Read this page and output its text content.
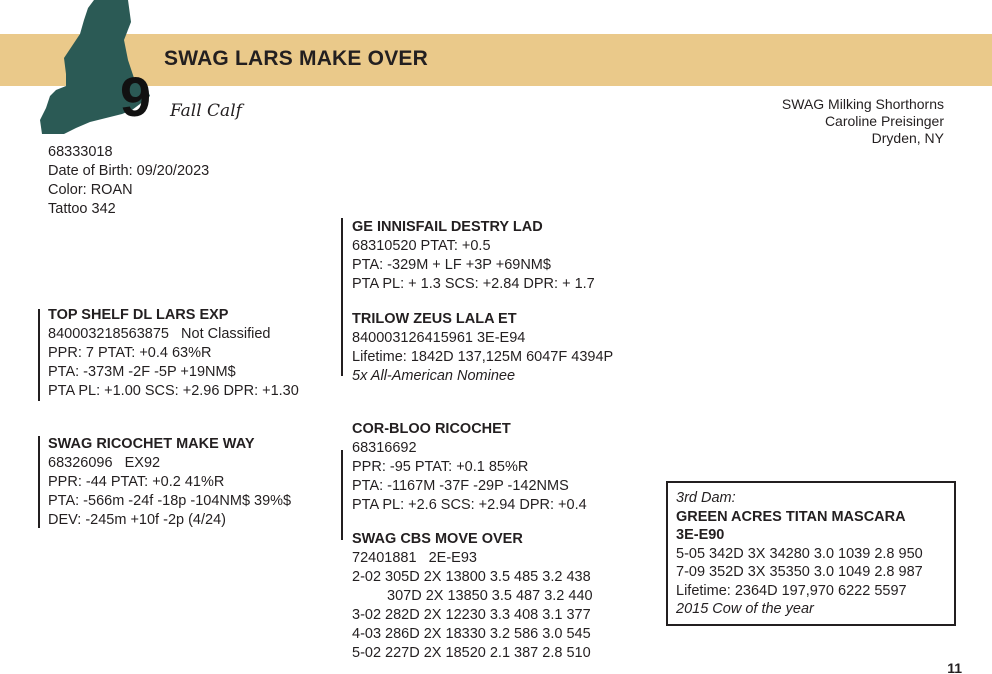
SWAG LARS MAKE OVER
9 Fall Calf	SWAG Milking Shorthorns
Caroline Preisinger
Dryden, NY
68333018
Date of Birth: 09/20/2023
Color: ROAN
Tattoo 342
TOP SHELF DL LARS EXP
840003218563875   Not Classified
PPR: 7 PTAT: +0.4 63%R
PTA: -373M -2F -5P +19NM$
PTA PL: +1.00 SCS: +2.96 DPR: +1.30
SWAG RICOCHET MAKE WAY
68326096   EX92
PPR: -44 PTAT: +0.2 41%R
PTA: -566m -24f -18p -104NM$ 39%$
DEV: -245m +10f -2p (4/24)
GE INNISFAIL DESTRY LAD
68310520 PTAT: +0.5
PTA: -329M + LF +3P +69NM$
PTA PL: + 1.3 SCS: +2.84 DPR: + 1.7
TRILOW ZEUS LALA ET
840003126415961 3E-E94
Lifetime: 1842D 137,125M 6047F 4394P
5x All-American Nominee
COR-BLOO RICOCHET
68316692
PPR: -95 PTAT: +0.1 85%R
PTA: -1167M -37F -29P -142NMS
PTA PL: +2.6 SCS: +2.94 DPR: +0.4
SWAG CBS MOVE OVER
72401881   2E-E93
2-02 305D 2X 13800 3.5 485 3.2 438
307D 2X 13850 3.5 487 3.2 440
3-02 282D 2X 12230 3.3 408 3.1 377
4-03 286D 2X 18330 3.2 586 3.0 545
5-02 227D 2X 18520 2.1 387 2.8 510
3rd Dam:
GREEN ACRES TITAN MASCARA
3E-E90
5-05 342D 3X 34280 3.0 1039 2.8 950
7-09 352D 3X 35350 3.0 1049 2.8 987
Lifetime: 2364D 197,970 6222 5597
2015 Cow of the year
11
